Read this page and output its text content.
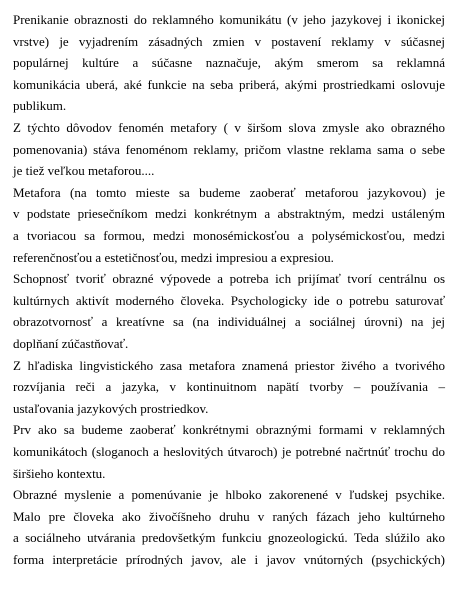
Prenikanie obraznosti do reklamného komunikátu (v jeho jazykovej i ikonickej
vrstve) je vyjadrením zásadných zmien v postavení reklamy v súčasnej
populárnej kultúre a súčasne naznačuje, akým smerom sa reklamná
komunikácia uberá, aké funkcie na seba priberá, akými prostriedkami oslovuje
publikum.
Z týchto dôvodov fenomén metafory ( v širšom slova zmysle ako obrazného
pomenovania) stáva fenoménom reklamy, pričom vlastne reklama sama o sebe
je tiež veľkou metaforou....
Metafora (na tomto mieste sa budeme zaoberať metaforou jazykovou) je
v podstate priesečníkom medzi konkrétnym a abstraktným, medzi ustáleným
a tvoriacou sa formou, medzi monosémickosťou a polysémickosťou, medzi
referenčnosťou a estetičnosťou, medzi impresiou a expresiou.
Schopnosť tvoriť obrazné výpovede a potreba ich prijímať tvorí centrálnu os
kultúrnych aktivít moderného človeka. Psychologicky ide o potrebu saturovať
obrazotvornosť a kreatívne sa (na individuálnej a sociálnej úrovni) na jej
doplňaní zúčastňovať.
Z hľadiska lingvistického zasa metafora znamená priestor živého a tvorivého
rozvíjania reči a jazyka, v kontinuitnom napätí tvorby – používania –
ustaľovania jazykových prostriedkov.
Prv ako sa budeme zaoberať konkrétnymi obraznými formami v reklamných
komunikátoch (sloganoch a heslovitých útvaroch) je potrebné načrtnúť trochu do
širšieho kontextu.
Obrazné myslenie a pomenúvanie je hlboko zakorenené v ľudskej psychike.
Malo pre človeka ako živočíšneho druhu v raných fázach jeho kultúrneho
a sociálneho utvárania predovšetkým funkciu gnozeologickú. Teda slúžilo ako
forma interpretácie prírodných javov, ale i javov vnútorných (psychických)
